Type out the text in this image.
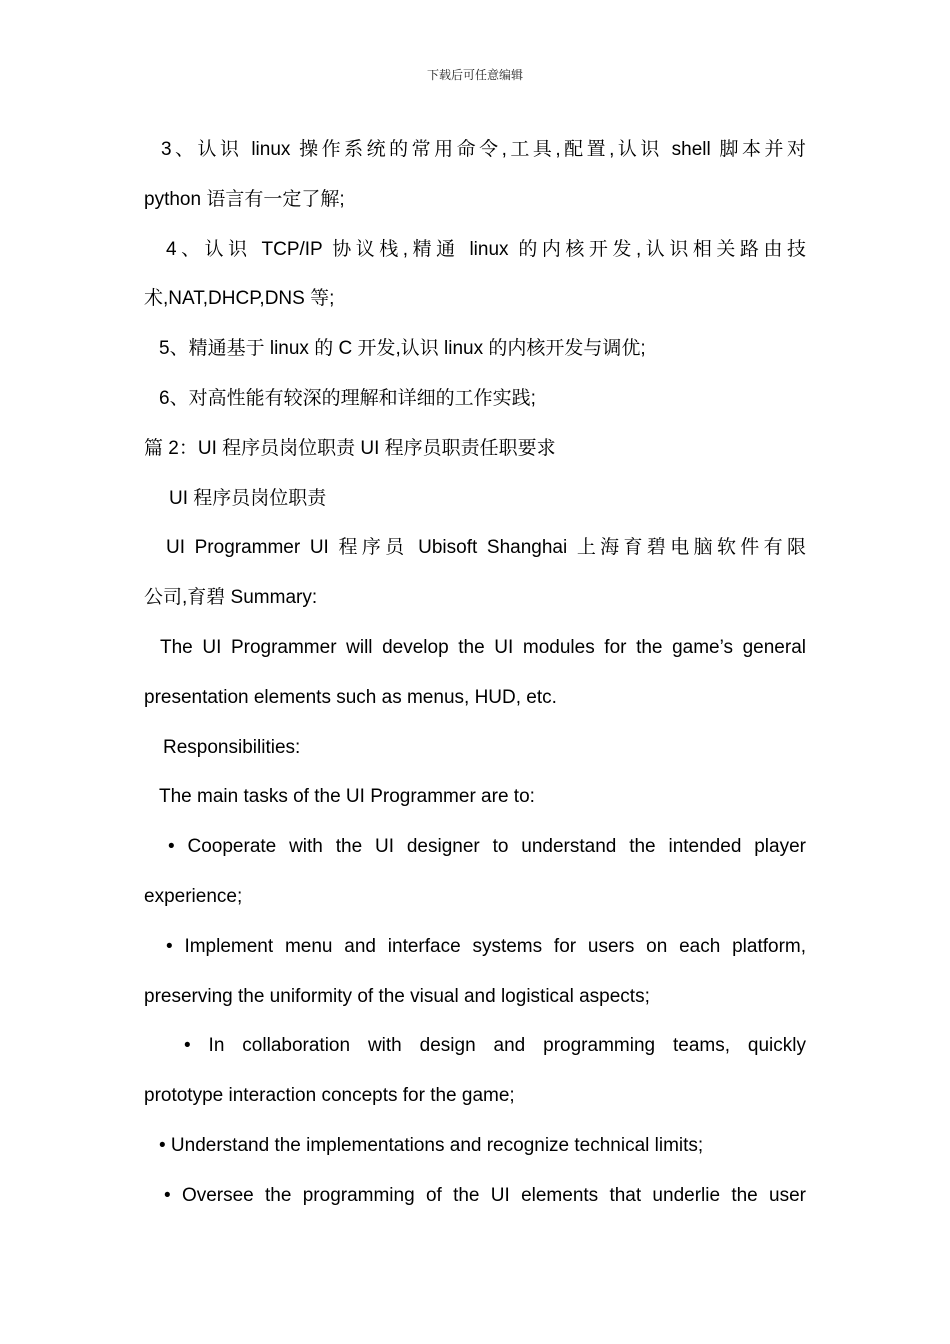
下载后可任意编辑
3、认识 linux 操作系统的常用命令,工具,配置,认识 shell 脚本并对
python 语言有一定了解;
4、认识 TCP/IP 协议栈,精通 linux 的内核开发,认识相关路由技
术,NAT,DHCP,DNS 等;
5、精通基于 linux 的 C 开发,认识 linux 的内核开发与调优;
6、对高性能有较深的理解和详细的工作实践;
篇 2：UI 程序员岗位职责 UI 程序员职责任职要求
UI 程序员岗位职责
UI Programmer UI 程序员 Ubisoft Shanghai 上海育碧电脑软件有限
公司,育碧 Summary:
The UI Programmer will develop the UI modules for the game’s general
presentation elements such as menus, HUD, etc.
Responsibilities:
The main tasks of the UI Programmer are to:
• Cooperate with the UI designer to understand the intended player
experience;
• Implement menu and interface systems for users on each platform,
preserving the uniformity of the visual and logistical aspects;
• In collaboration with design and programming teams, quickly
prototype interaction concepts for the game;
• Understand the implementations and recognize technical limits;
• Oversee the programming of the UI elements that underlie the user
